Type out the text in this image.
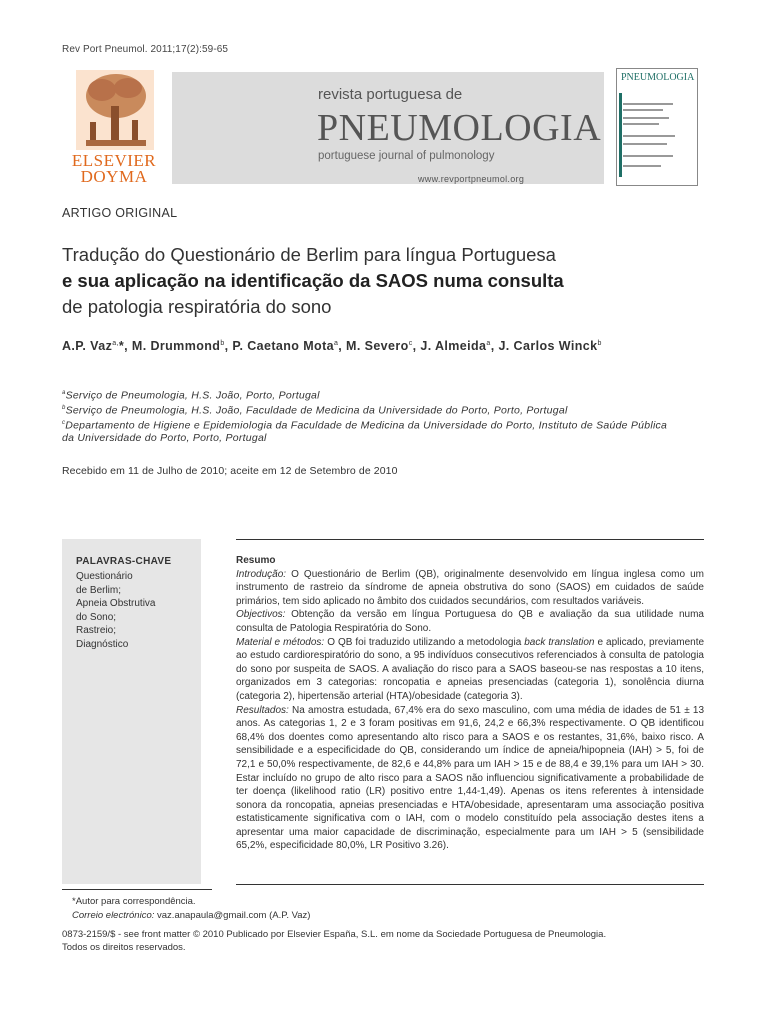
Rev Port Pneumol. 2011;17(2):59-65
ELSEVIER
DOYMA
revista portuguesa de
PNEUMOLOGIA
portuguese journal of pulmonology
www.revportpneumol.org
PNEUMOLOGIA
ARTIGO ORIGINAL
Tradução do Questionário de Berlim para língua Portuguesa
e sua aplicação na identificação da SAOS numa consulta
de patologia respiratória do sono
A.P. Vaz$^{a,}$*, M. Drummond$^b$, P. Caetano Mota$^a$, M. Severo$^c$, J. Almeida$^a$, J. Carlos Winck$^b$
$^a$Serviço de Pneumologia, H.S. João, Porto, Portugal
$^b$Serviço de Pneumologia, H.S. João, Faculdade de Medicina da Universidade do Porto, Porto, Portugal
$^c$Departamento de Higiene e Epidemiologia da Faculdade de Medicina da Universidade do Porto, Instituto de Saúde Pública
da Universidade do Porto, Porto, Portugal
Recebido em 11 de Julho de 2010; aceite em 12 de Setembro de 2010
PALAVRAS-CHAVE
Questionário
de Berlim;
Apneia Obstrutiva
do Sono;
Rastreio;
Diagnóstico
Resumo
Introdução: O Questionário de Berlim (QB), originalmente desenvolvido em língua inglesa como um instrumento de rastreio da síndrome de apneia obstrutiva do sono (SAOS) em cuidados de saúde primários, tem sido aplicado no âmbito dos cuidados secundários, com resultados variáveis.
Objectivos: Obtenção da versão em língua Portuguesa do QB e avaliação da sua utilidade numa consulta de Patologia Respiratória do Sono.
Material e métodos: O QB foi traduzido utilizando a metodologia back translation e aplicado, previamente ao estudo cardiorespiratório do sono, a 95 indivíduos consecutivos referenciados à consulta de patologia do sono por suspeita de SAOS. A avaliação do risco para a SAOS baseou-se nas respostas a 10 itens, organizados em 3 categorias: roncopatia e apneias presenciadas (categoria 1), sonolência diurna (categoria 2), hipertensão arterial (HTA)/obesidade (categoria 3).
Resultados: Na amostra estudada, 67,4% era do sexo masculino, com uma média de idades de 51 ± 13 anos. As categorias 1, 2 e 3 foram positivas em 91,6, 24,2 e 66,3% respectivamente. O QB identificou 68,4% dos doentes como apresentando alto risco para a SAOS e os restantes, 31,6%, baixo risco. A sensibilidade e a especificidade do QB, considerando um índice de apneia/hipopneia (IAH) > 5, foi de 72,1 e 50,0% respectivamente, de 82,6 e 44,8% para um IAH > 15 e de 88,4 e 39,1% para um IAH > 30. Estar incluído no grupo de alto risco para a SAOS não influenciou significativamente a probabilidade de ter doença (likelihood ratio (LR) positivo entre 1,44-1,49). Apenas os itens referentes à intensidade sonora da roncopatia, apneias presenciadas e HTA/obesidade, apresentaram uma associação positiva estatisticamente significativa com o IAH, com o modelo constituído pela associação destes itens a apresentar uma maior capacidade de discriminação, especialmente para um IAH > 5 (sensibilidade 65,2%, especificidade 80,0%, LR Positivo 3.26).
*Autor para correspondência.
Correio electrónico: vaz.anapaula@gmail.com (A.P. Vaz)
0873-2159/$ - see front matter © 2010 Publicado por Elsevier España, S.L. em nome da Sociedade Portuguesa de Pneumologia.
Todos os direitos reservados.
